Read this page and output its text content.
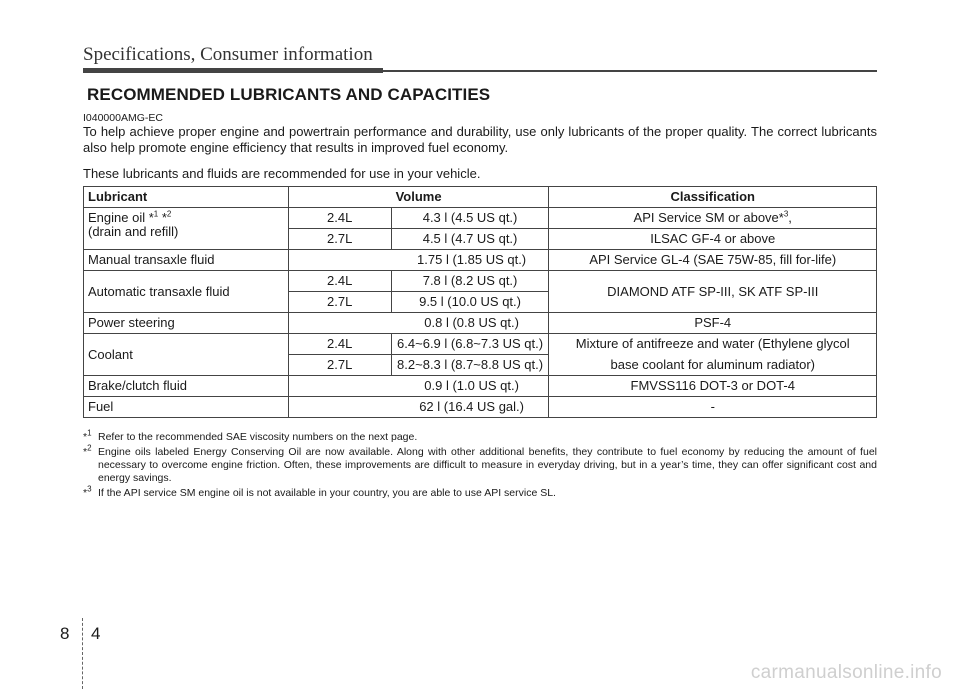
Specifications, Consumer information
RECOMMENDED LUBRICANTS AND CAPACITIES
I040000AMG-EC
To help achieve proper engine and powertrain performance and durability, use only lubricants of the proper quality. The correct lubricants also help promote engine efficiency that results in improved fuel economy.
These lubricants and fluids are recommended for use in your vehicle.
Lubricant	Volume		Classification
Engine oil *$^1$ *$^2$
(drain and refill)	2.4L	4.3 l (4.5 US qt.)	API Service SM or above*$^3$,
	2.7L	4.5 l (4.7 US qt.)	ILSAC GF-4 or above
Manual transaxle fluid	1.75 l (1.85 US qt.)		API Service GL-4 (SAE 75W-85, fill for-life)
Automatic transaxle fluid	2.4L	7.8 l (8.2 US qt.)	DIAMOND ATF SP-III, SK ATF SP-III
	2.7L	9.5 l (10.0 US qt.)	
Power steering	0.8 l (0.8 US qt.)		PSF-4
Coolant	2.4L	6.4~6.9 l (6.8~7.3 US qt.)	Mixture of antifreeze and water (Ethylene glycol
	2.7L	8.2~8.3 l (8.7~8.8 US qt.)	base coolant for aluminum radiator)
Brake/clutch fluid	0.9 l (1.0 US qt.)		FMVSS116 DOT-3 or DOT-4
Fuel	62 l (16.4 US gal.)		-
*$^1$ Refer to the recommended SAE viscosity numbers on the next page.
*$^2$ Engine oils labeled Energy Conserving Oil are now available. Along with other additional benefits, they contribute to fuel economy by reducing the amount of fuel necessary to overcome engine friction. Often, these improvements are difficult to measure in everyday driving, but in a year’s time, they can offer significant cost and energy savings.
*$^3$ If the API service SM engine oil is not available in your country, you are able to use API service SL.
8 4
carmanualsonline.info
